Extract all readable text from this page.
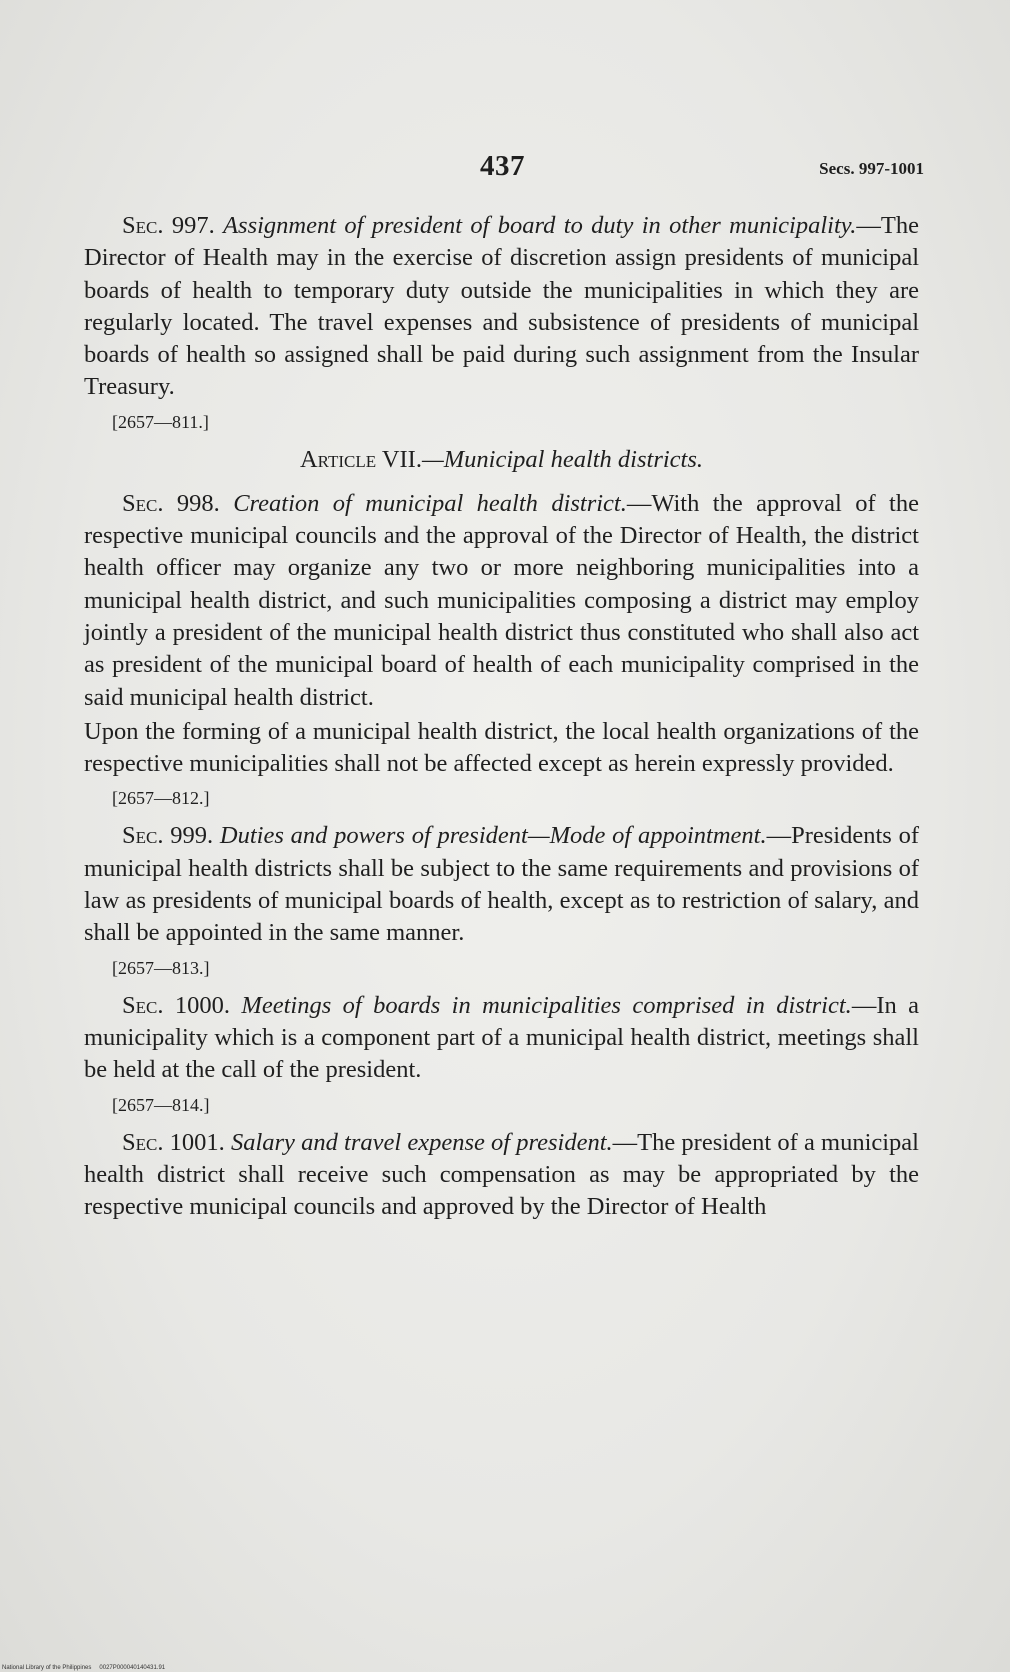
437	Secs. 997-1001

Sec. 997. Assignment of president of board to duty in other municipality.—The Director of Health may in the exercise of discretion assign presidents of municipal boards of health to temporary duty outside the municipalities in which they are regularly located. The travel expenses and subsistence of presidents of municipal boards of health so assigned shall be paid during such assignment from the Insular Treasury.

[2657—811.]
Article VII.—Municipal health districts.

Sec. 998. Creation of municipal health district.—With the approval of the respective municipal councils and the approval of the Director of Health, the district health officer may organize any two or more neighboring municipalities into a municipal health district, and such municipalities composing a district may employ jointly a president of the municipal health district thus constituted who shall also act as president of the municipal board of health of each municipality comprised in the said municipal health district.

Upon the forming of a municipal health district, the local health organizations of the respective municipalities shall not be affected except as herein expressly provided.

[2657—812.]

Sec. 999. Duties and powers of president—Mode of appointment.—Presidents of municipal health districts shall be subject to the same requirements and provisions of law as presidents of municipal boards of health, except as to restriction of salary, and shall be appointed in the same manner.

[2657—813.]

Sec. 1000. Meetings of boards in municipalities comprised in district.—In a municipality which is a component part of a municipal health district, meetings shall be held at the call of the president.

[2657—814.]

Sec. 1001. Salary and travel expense of president.—The president of a municipal health district shall receive such compensation as may be appropriated by the respective municipal councils and approved by the Director of Health

National Library of the Philippines 0027P000040140431.91
